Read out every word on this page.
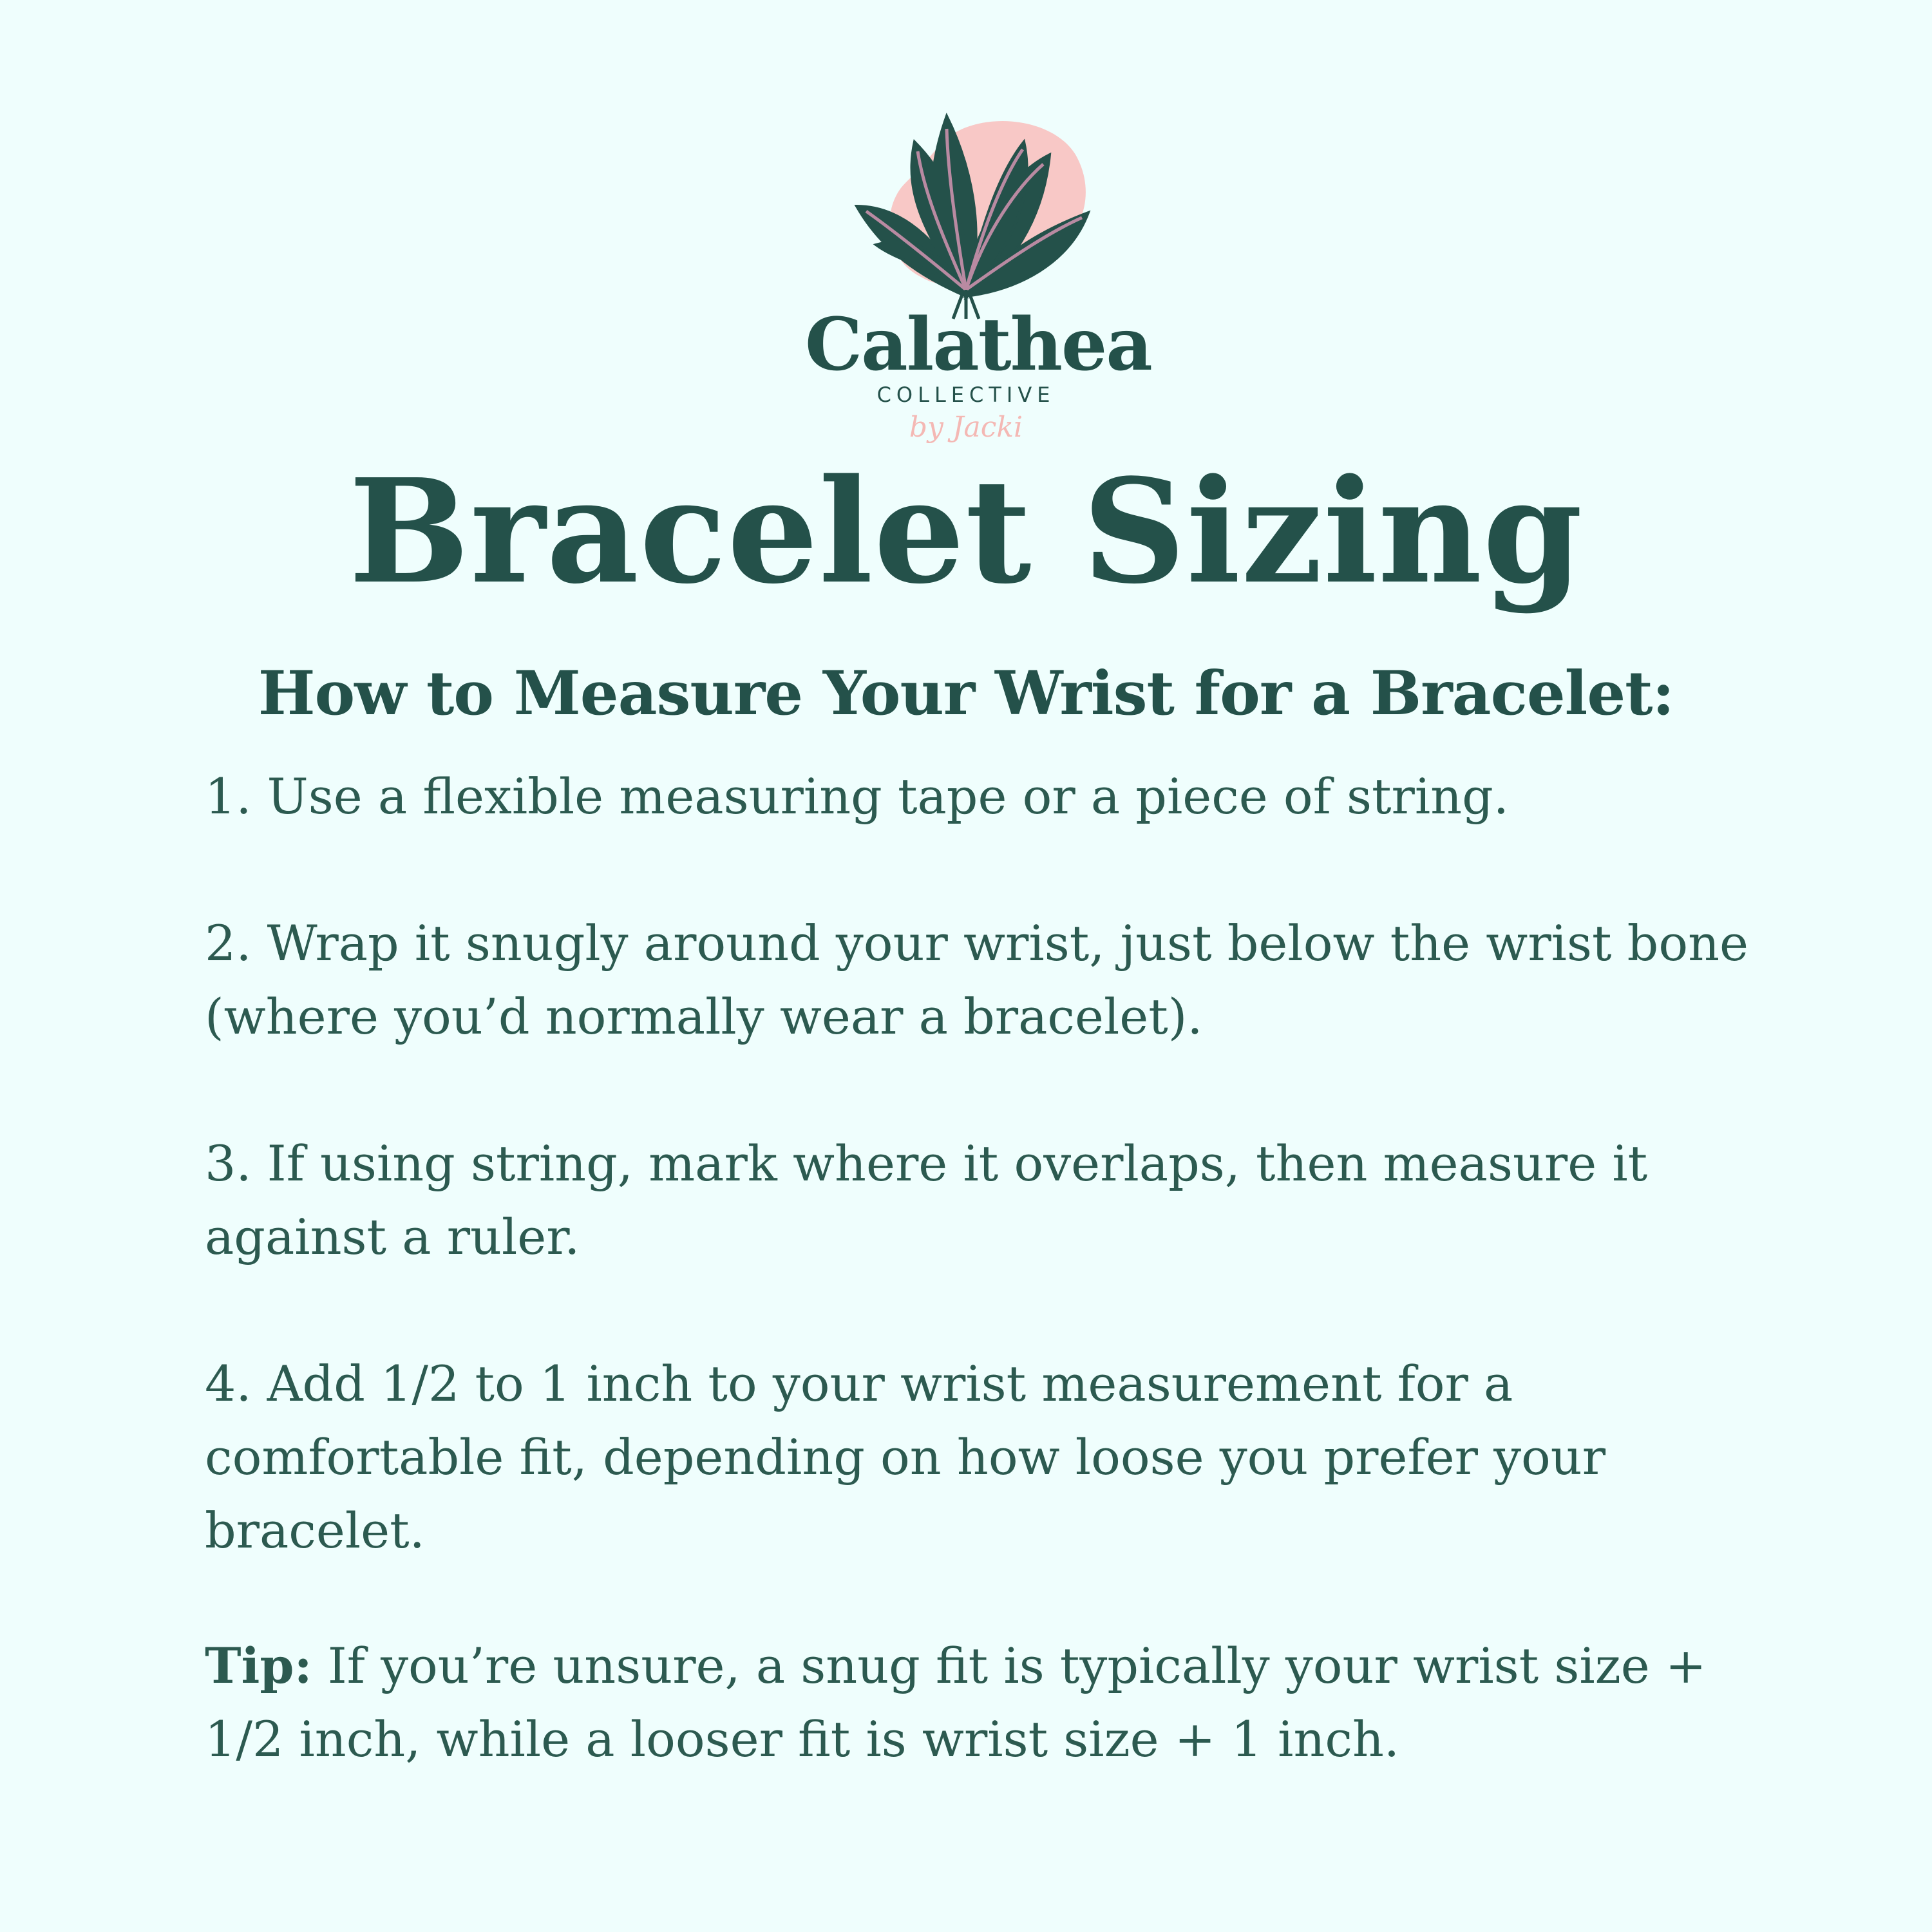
Calathea
COLLECTIVE
by Jacki
Bracelet Sizing
How to Measure Your Wrist for a Bracelet:
1. Use a flexible measuring tape or a piece of string.
2. Wrap it snugly around your wrist, just below the wrist bone (where you’d normally wear a bracelet).
3. If using string, mark where it overlaps, then measure it against a ruler.
4. Add 1/2 to 1 inch to your wrist measurement for a comfortable fit, depending on how loose you prefer your bracelet.

Tip: If you’re unsure, a snug fit is typically your wrist size + 1/2 inch, while a looser fit is wrist size + 1 inch.
